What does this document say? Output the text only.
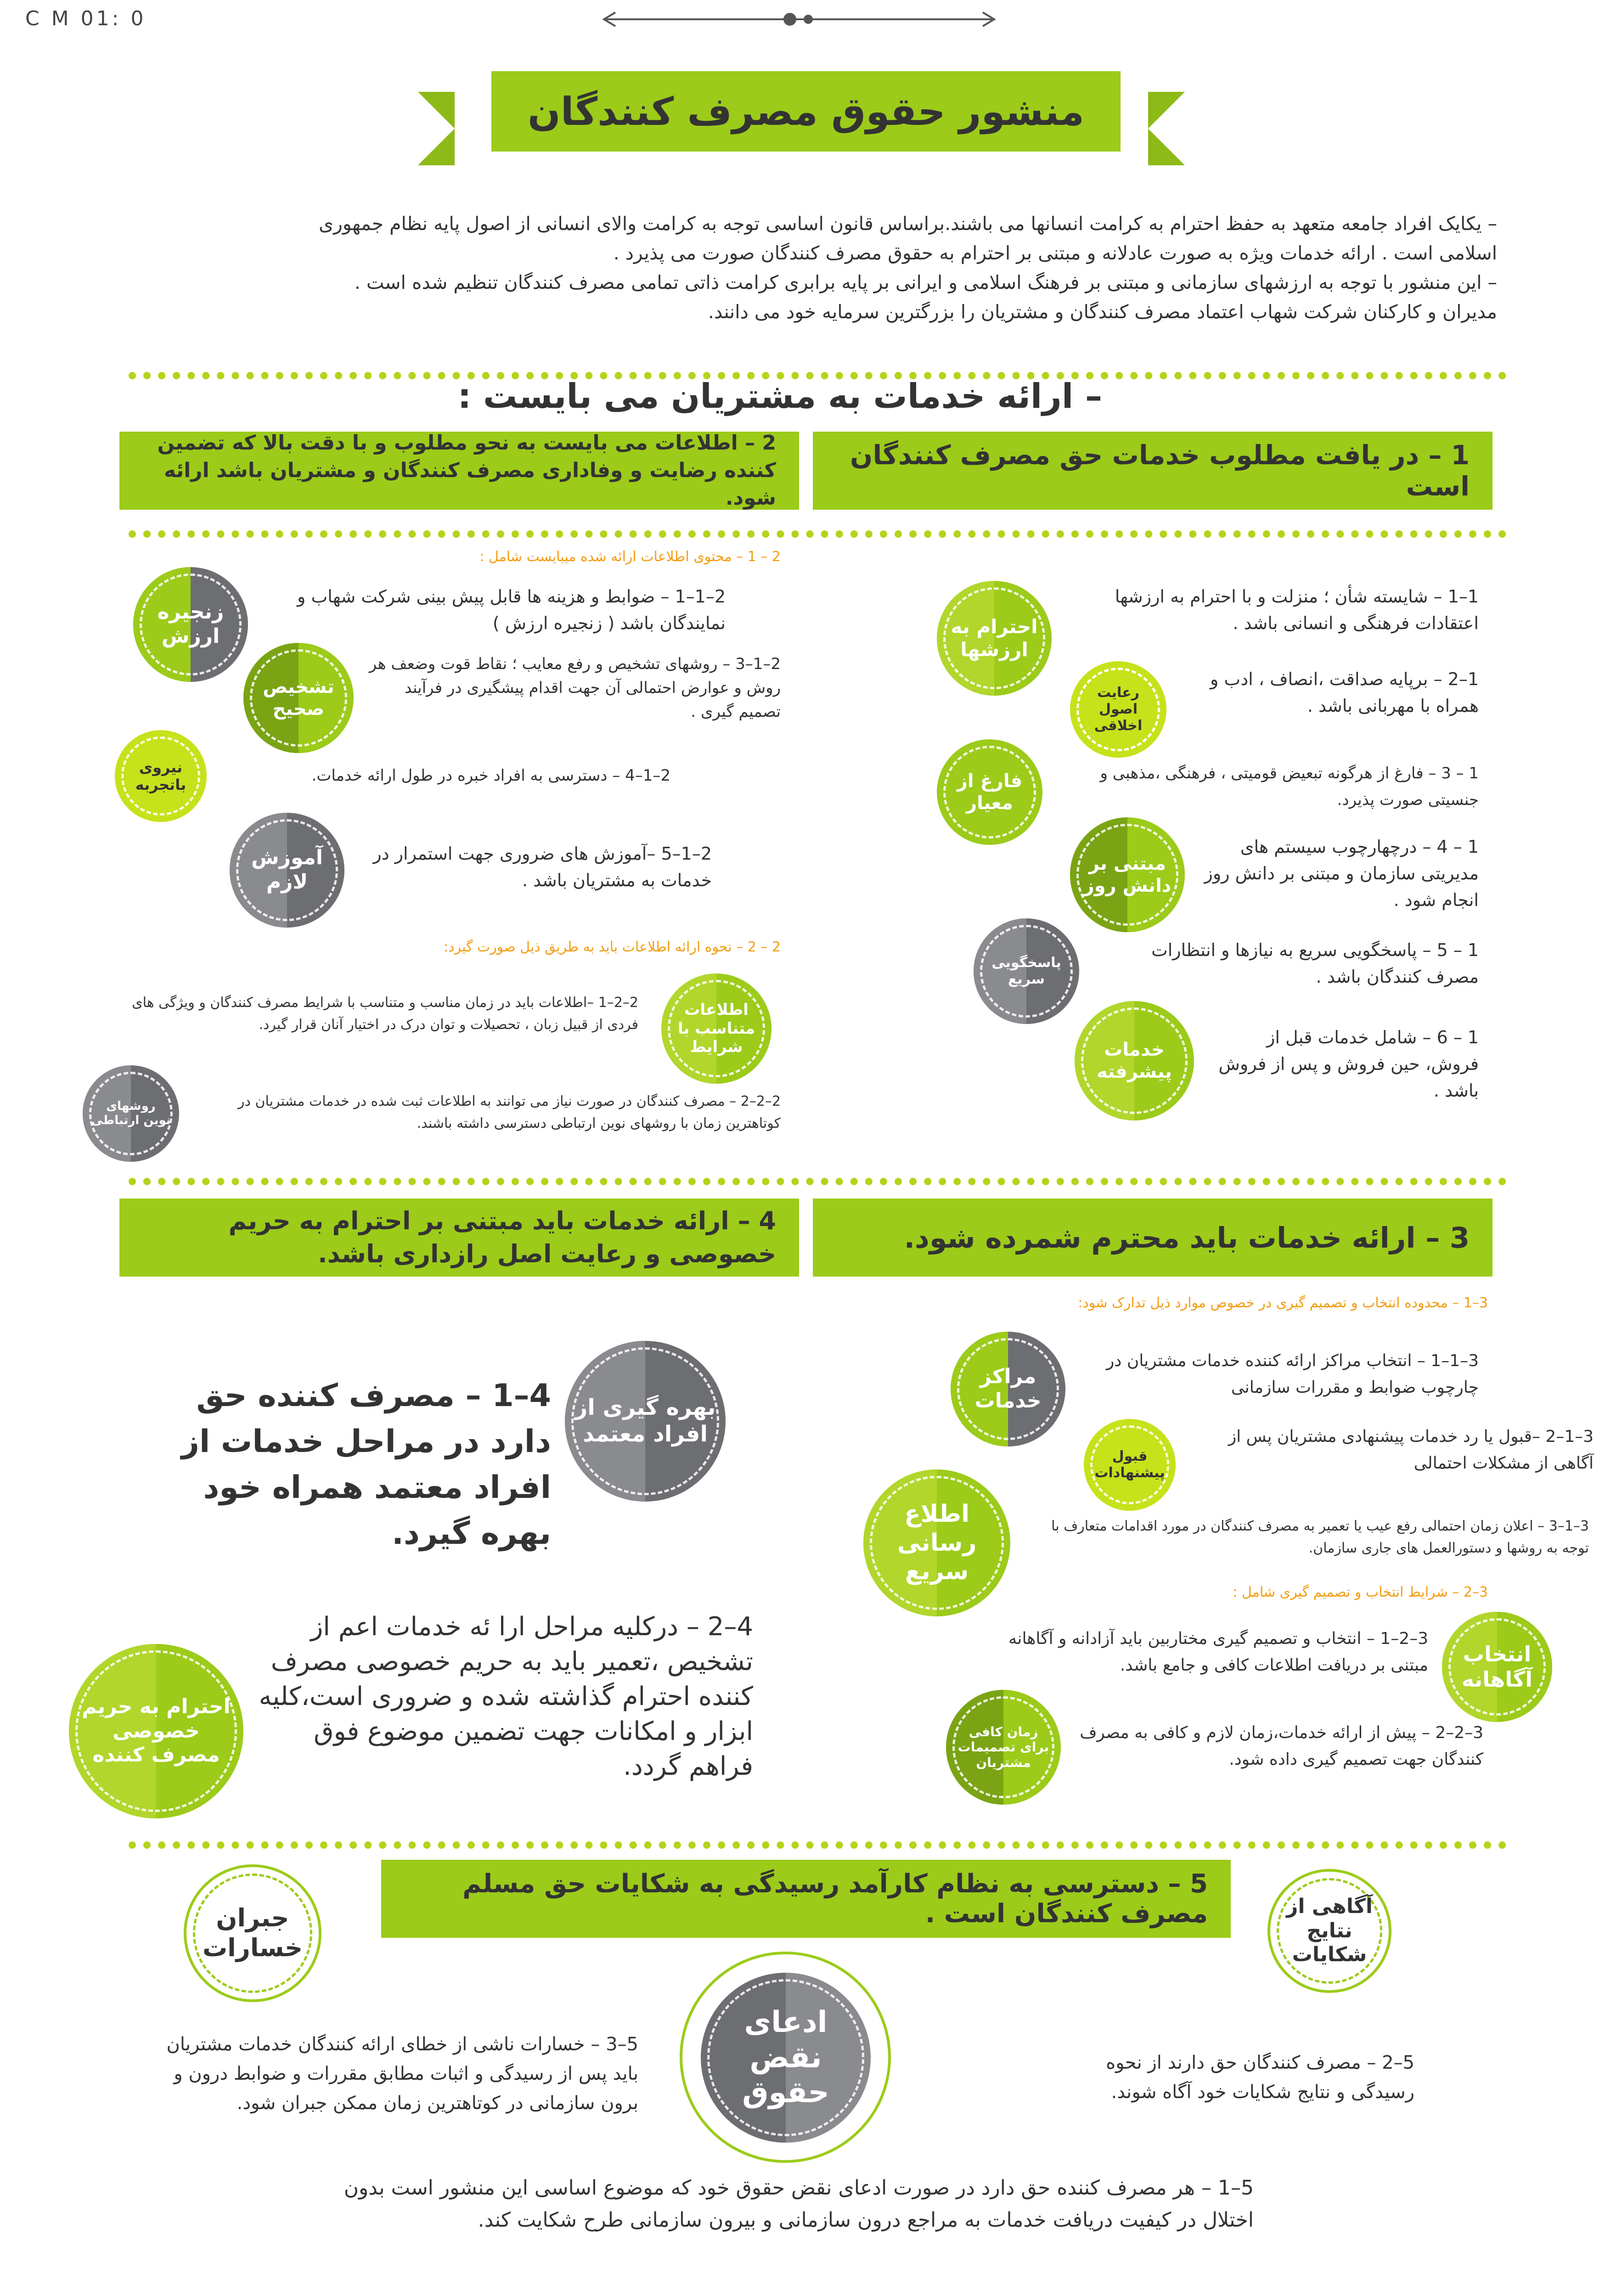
C M 01: 0
منشور حقوق مصرف کنندگان
– یکایک افراد جامعه متعهد به حفظ احترام به کرامت انسانها می باشند.براساس قانون اساسی توجه به کرامت والای انسانی از اصول پایه نظام جمهوری
اسلامی است . ارائه خدمات ویژه به صورت عادلانه و مبتنی بر احترام به حقوق مصرف کنندگان صورت می پذیرد .
– این منشور با توجه به ارزشهای سازمانی و مبتنی بر فرهنگ اسلامی و ایرانی بر پایه برابری کرامت ذاتی تمامی مصرف کنندگان تنظیم شده است .
مدیران و کارکنان شرکت شهاب اعتماد مصرف کنندگان و مشتریان را بزرگترین سرمایه خود می دانند.
– ارائه خدمات به مشتریان می بایست :
1 – در یافت مطلوب خدمات حق مصرف کنندگان است
2 – اطلاعات می بایست به نحو مطلوب و با دقت بالا که تضمین کننده رضایت و وفاداری مصرف کنندگان و مشتریان باشد ارائه شود.
احترام به ارزشها
1–1 – شایسته شأن ؛ منزلت و با احترام به ارزشها اعتقادات فرهنگی و انسانی باشد .
رعایت اصول اخلاقی
1–2 – برپایه صداقت ،انصاف ، ادب و همراه با مهربانی باشد .
فارغ از معیار
1 – 3 – فارغ از هرگونه تبعیض قومیتی ، فرهنگی ،مذهبی و جنسیتی صورت پذیرد.
مبتنی بر دانش روز
1 – 4 – درچهارچوب سیستم های مدیریتی سازمان و مبتنی بر دانش روز انجام شود .
پاسخگویی سریع
1 – 5 – پاسخگویی سریع به نیازها و انتظارات مصرف کنندگان باشد .
خدمات پیشرفته
1 – 6 – شامل خدمات قبل از فروش، حین فروش و پس از فروش باشد .
2 – 1 – محتوی اطلاعات ارائه شده میبایست شامل :
زنجیره ارزش
2–1–1 – ضوابط و هزینه ها قابل پیش بینی شرکت شهاب و نمایندگان باشد ( زنجیره ارزش )
تشخیص صحیح
2–1–3 – روشهای تشخیص و رفع معایب ؛ نقاط قوت وضعف هر روش و عوارض احتمالی آن جهت اقدام پیشگیری در فرآیند تصمیم گیری .
نیروی باتجربه	2–1–4 – دسترسی به افراد خبره در طول ارائه خدمات.
آموزش لازم
2–1–5 –آموزش های ضروری جهت استمرار در خدمات به مشتریان باشد .
2 – 2 – نحوه ارائه اطلاعات باید به طریق ذیل صورت گیرد:
اطلاعات متناسب با شرایط
2–2–1 –اطلاعات باید در زمان مناسب و متناسب با شرایط مصرف کنندگان و ویژگی های فردی از قبیل زبان ، تحصیلات و توان درک در اختیار آنان قرار گیرد.
روشهای نوین ارتباطی
2–2–2 – مصرف کنندگان در صورت نیاز می توانند به اطلاعات ثبت شده در خدمات مشتریان در کوتاهترین زمان با روشهای نوین ارتباطی دسترسی داشته باشند.
3 – ارائه خدمات باید محترم شمرده شود.
4 – ارائه خدمات باید مبتنی بر احترام به حریم خصوصی و رعایت اصل رازداری باشد.
3–1 – محدوده انتخاب و تصمیم گیری در خصوص موارد ذیل تدارک شود:
مراکز خدمات
3–1–1 – انتخاب مراکز ارائه کننده خدمات مشتریان در چارچوب ضوابط و مقررات سازمانی
قبول پیشنهادات
3–1–2 –قبول یا رد خدمات پیشنهادی مشتریان پس از آگاهی از مشکلات احتمالی
اطلاع رسانی سریع
3–1–3 – اعلان زمان احتمالی رفع عیب یا تعمیر به مصرف کنندگان در مورد اقدامات متعارف با توجه به روشها و دستورالعمل های جاری سازمان.
3–2 – شرایط انتخاب و تصمیم گیری شامل :
انتخاب آگاهانه
3–2–1 – انتخاب و تصمیم گیری مختاربین باید آزادانه و آگاهانه مبتنی بر دریافت اطلاعات کافی و جامع باشد.
زمان کافی برای تصمیمات مشتریان
3–2–2 – پیش از ارائه خدمات،زمان لازم و کافی به مصرف کنندگان جهت تصمیم گیری داده شود.
بهره گیری از افراد معتمد
4–1 – مصرف کننده حق دارد در مراحل خدمات از افراد معتمد همراه خود بهره گیرد.
احترام به حریم خصوصی مصرف کننده
4–2 – درکلیه مراحل ارا ئه خدمات اعم از تشخیص ،تعمیر باید به حریم خصوصی مصرف کننده احترام گذاشته شده و ضروری است،کلیه ابزار و امکانات جهت تضمین موضوع فوق فراهم گردد.
5 – دسترسی به نظام کارآمد رسیدگی به شکایات حق مسلم مصرف کنندگان است .	آگاهی از نتایج شکایات
5–2 – مصرف کنندگان حق دارند از نحوه رسیدگی و نتایج شکایات خود آگاه شوند.
جبران خسارات
5–3 – خسارات ناشی از خطای ارائه کنندگان خدمات مشتریان باید پس از رسیدگی و اثبات مطابق مقررات و ضوابط درون و برون سازمانی در کوتاهترین زمان ممکن جبران شود.
ادعای نقض حقوق
5–1 – هر مصرف کننده حق دارد در صورت ادعای نقض حقوق خود که موضوع اساسی این منشور است بدون اختلال در کیفیت دریافت خدمات به مراجع درون سازمانی و بیرون سازمانی طرح شکایت کند.
